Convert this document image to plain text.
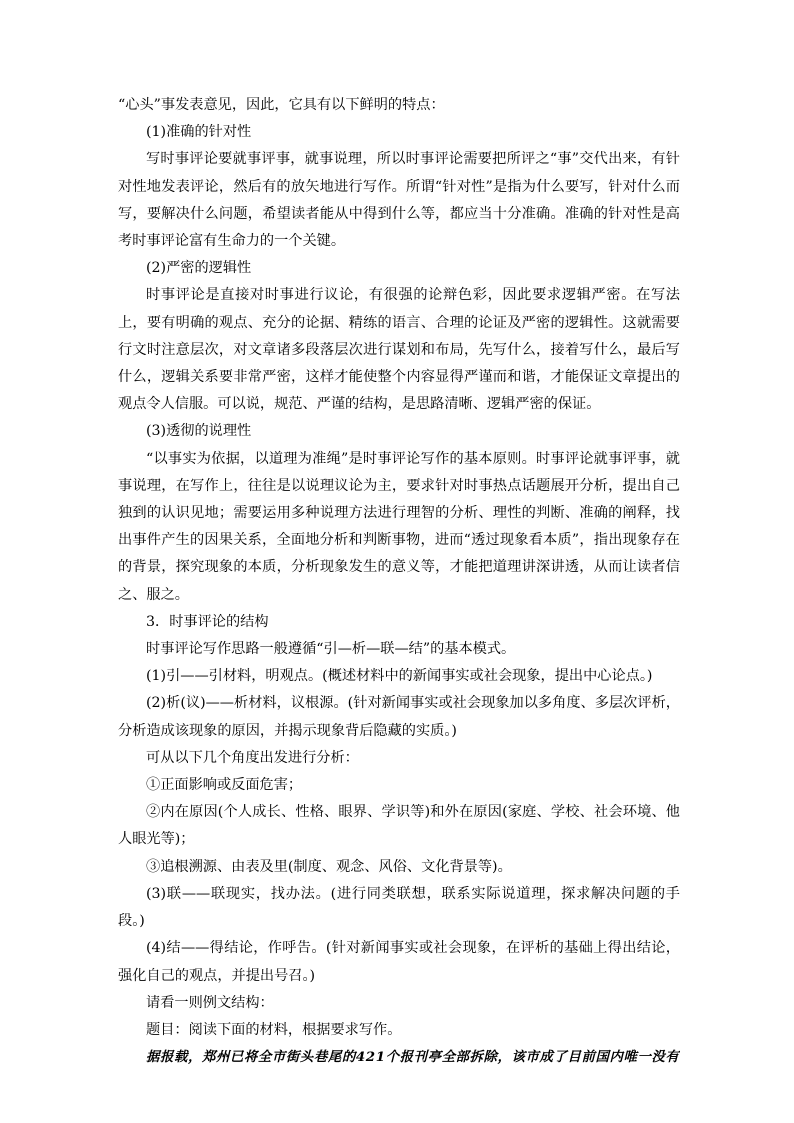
“心头”事发表意见，因此，它具有以下鲜明的特点：

(1)准确的针对性

写时事评论要就事评事，就事说理，所以时事评论需要把所评之“事”交代出来，有针对性地发表评论，然后有的放矢地进行写作。所谓“针对性”是指为什么要写，针对什么而写，要解决什么问题，希望读者能从中得到什么等，都应当十分准确。准确的针对性是高考时事评论富有生命力的一个关键。

(2)严密的逻辑性

时事评论是直接对时事进行议论，有很强的论辩色彩，因此要求逻辑严密。在写法上，要有明确的观点、充分的论据、精练的语言、合理的论证及严密的逻辑性。这就需要行文时注意层次，对文章诸多段落层次进行谋划和布局，先写什么，接着写什么，最后写什么，逻辑关系要非常严密，这样才能使整个内容显得严谨而和谐，才能保证文章提出的观点令人信服。可以说，规范、严谨的结构，是思路清晰、逻辑严密的保证。

(3)透彻的说理性

“以事实为依据，以道理为准绳”是时事评论写作的基本原则。时事评论就事评事，就事说理，在写作上，往往是以说理议论为主，要求针对时事热点话题展开分析，提出自己独到的认识见地；需要运用多种说理方法进行理智的分析、理性的判断、准确的阐释，找出事件产生的因果关系，全面地分析和判断事物，进而“透过现象看本质”，指出现象存在的背景，探究现象的本质，分析现象发生的意义等，才能把道理讲深讲透，从而让读者信之、服之。

3．时事评论的结构

时事评论写作思路一般遵循“引—析—联—结”的基本模式。

(1)引——引材料，明观点。(概述材料中的新闻事实或社会现象，提出中心论点。)

(2)析(议)——析材料，议根源。(针对新闻事实或社会现象加以多角度、多层次评析，分析造成该现象的原因，并揭示现象背后隐藏的实质。)

可从以下几个角度出发进行分析：

①正面影响或反面危害；

②内在原因(个人成长、性格、眼界、学识等)和外在原因(家庭、学校、社会环境、他人眼光等)；

③追根溯源、由表及里(制度、观念、风俗、文化背景等)。

(3)联——联现实，找办法。(进行同类联想，联系实际说道理，探求解决问题的手段。)

(4)结——得结论，作呼告。(针对新闻事实或社会现象，在评析的基础上得出结论，强化自己的观点，并提出号召。)

请看一则例文结构：

题目：阅读下面的材料，根据要求写作。

据报载，郑州已将全市街头巷尾的421个报刊亭全部拆除，该市成了目前国内唯一没有
